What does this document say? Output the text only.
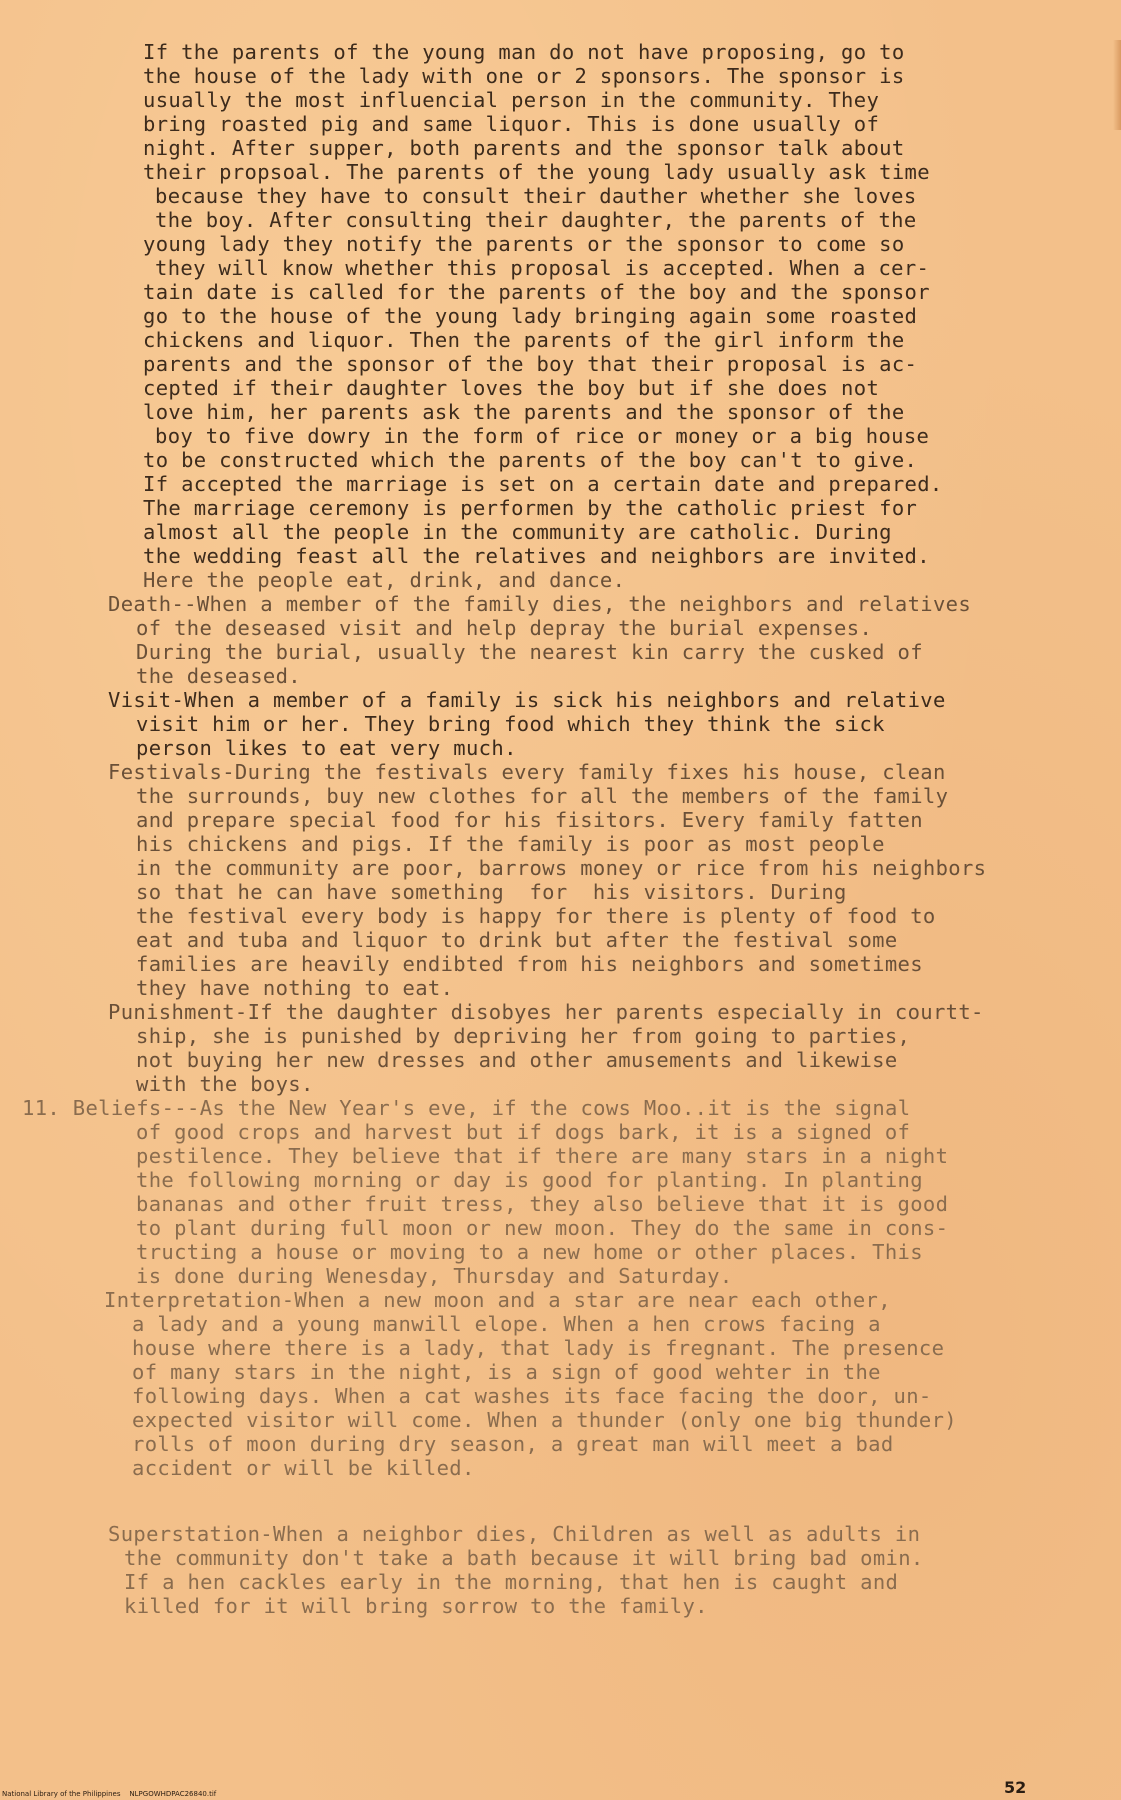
If the parents of the young man do not have proposing, go to
the house of the lady with one or 2 sponsors. The sponsor is
usually the most influencial person in the community. They
bring roasted pig and same liquor. This is done usually of
night. After supper, both parents and the sponsor talk about
their propsoal. The parents of the young lady usually ask time
because they have to consult their dauther whether she loves
the boy. After consulting their daughter, the parents of the
young lady they notify the parents or the sponsor to come so
they will know whether this proposal is accepted. When a cer-
tain date is called for the parents of the boy and the sponsor
go to the house of the young lady bringing again some roasted
chickens and liquor. Then the parents of the girl inform the
parents and the sponsor of the boy that their proposal is ac-
cepted if their daughter loves the boy but if she does not
love him, her parents ask the parents and the sponsor of the
boy to five dowry in the form of rice or money or a big house
to be constructed which the parents of the boy can't to give.
If accepted the marriage is set on a certain date and prepared.
The marriage ceremony is performen by the catholic priest for
almost all the people in the community are catholic. During
the wedding feast all the relatives and neighbors are invited.
Here the people eat, drink, and dance.
Death--When a member of the family dies, the neighbors and relatives
of the deseased visit and help depray the burial expenses.
During the burial, usually the nearest kin carry the cusked of
the deseased.
Visit-When a member of a family is sick his neighbors and relative
visit him or her. They bring food which they think the sick
person likes to eat very much.
Festivals-During the festivals every family fixes his house, clean
the surrounds, buy new clothes for all the members of the family
and prepare special food for his fisitors. Every family fatten
his chickens and pigs. If the family is poor as most people
in the community are poor, barrows money or rice from his neighbors
so that he can have something  for  his visitors. During
the festival every body is happy for there is plenty of food to
eat and tuba and liquor to drink but after the festival some
families are heavily endibted from his neighbors and sometimes
they have nothing to eat.
Punishment-If the daughter disobyes her parents especially in courtt-
ship, she is punished by depriving her from going to parties,
not buying her new dresses and other amusements and likewise
with the boys.
11. Beliefs---As the New Year's eve, if the cows Moo..it is the signal
of good crops and harvest but if dogs bark, it is a signed of
pestilence. They believe that if there are many stars in a night
the following morning or day is good for planting. In planting
bananas and other fruit tress, they also believe that it is good
to plant during full moon or new moon. They do the same in cons-
tructing a house or moving to a new home or other places. This
is done during Wenesday, Thursday and Saturday.
Interpretation-When a new moon and a star are near each other,
a lady and a young manwill elope. When a hen crows facing a
house where there is a lady, that lady is fregnant. The presence
of many stars in the night, is a sign of good wehter in the
following days. When a cat washes its face facing the door, un-
expected visitor will come. When a thunder (only one big thunder)
rolls of moon during dry season, a great man will meet a bad
accident or will be killed.
Superstation-When a neighbor dies, Children as well as adults in
the community don't take a bath because it will bring bad omin.
If a hen cackles early in the morning, that hen is caught and
killed for it will bring sorrow to the family.
National Library of the Philippines NLPGOWHDPAC26840.tif	52
